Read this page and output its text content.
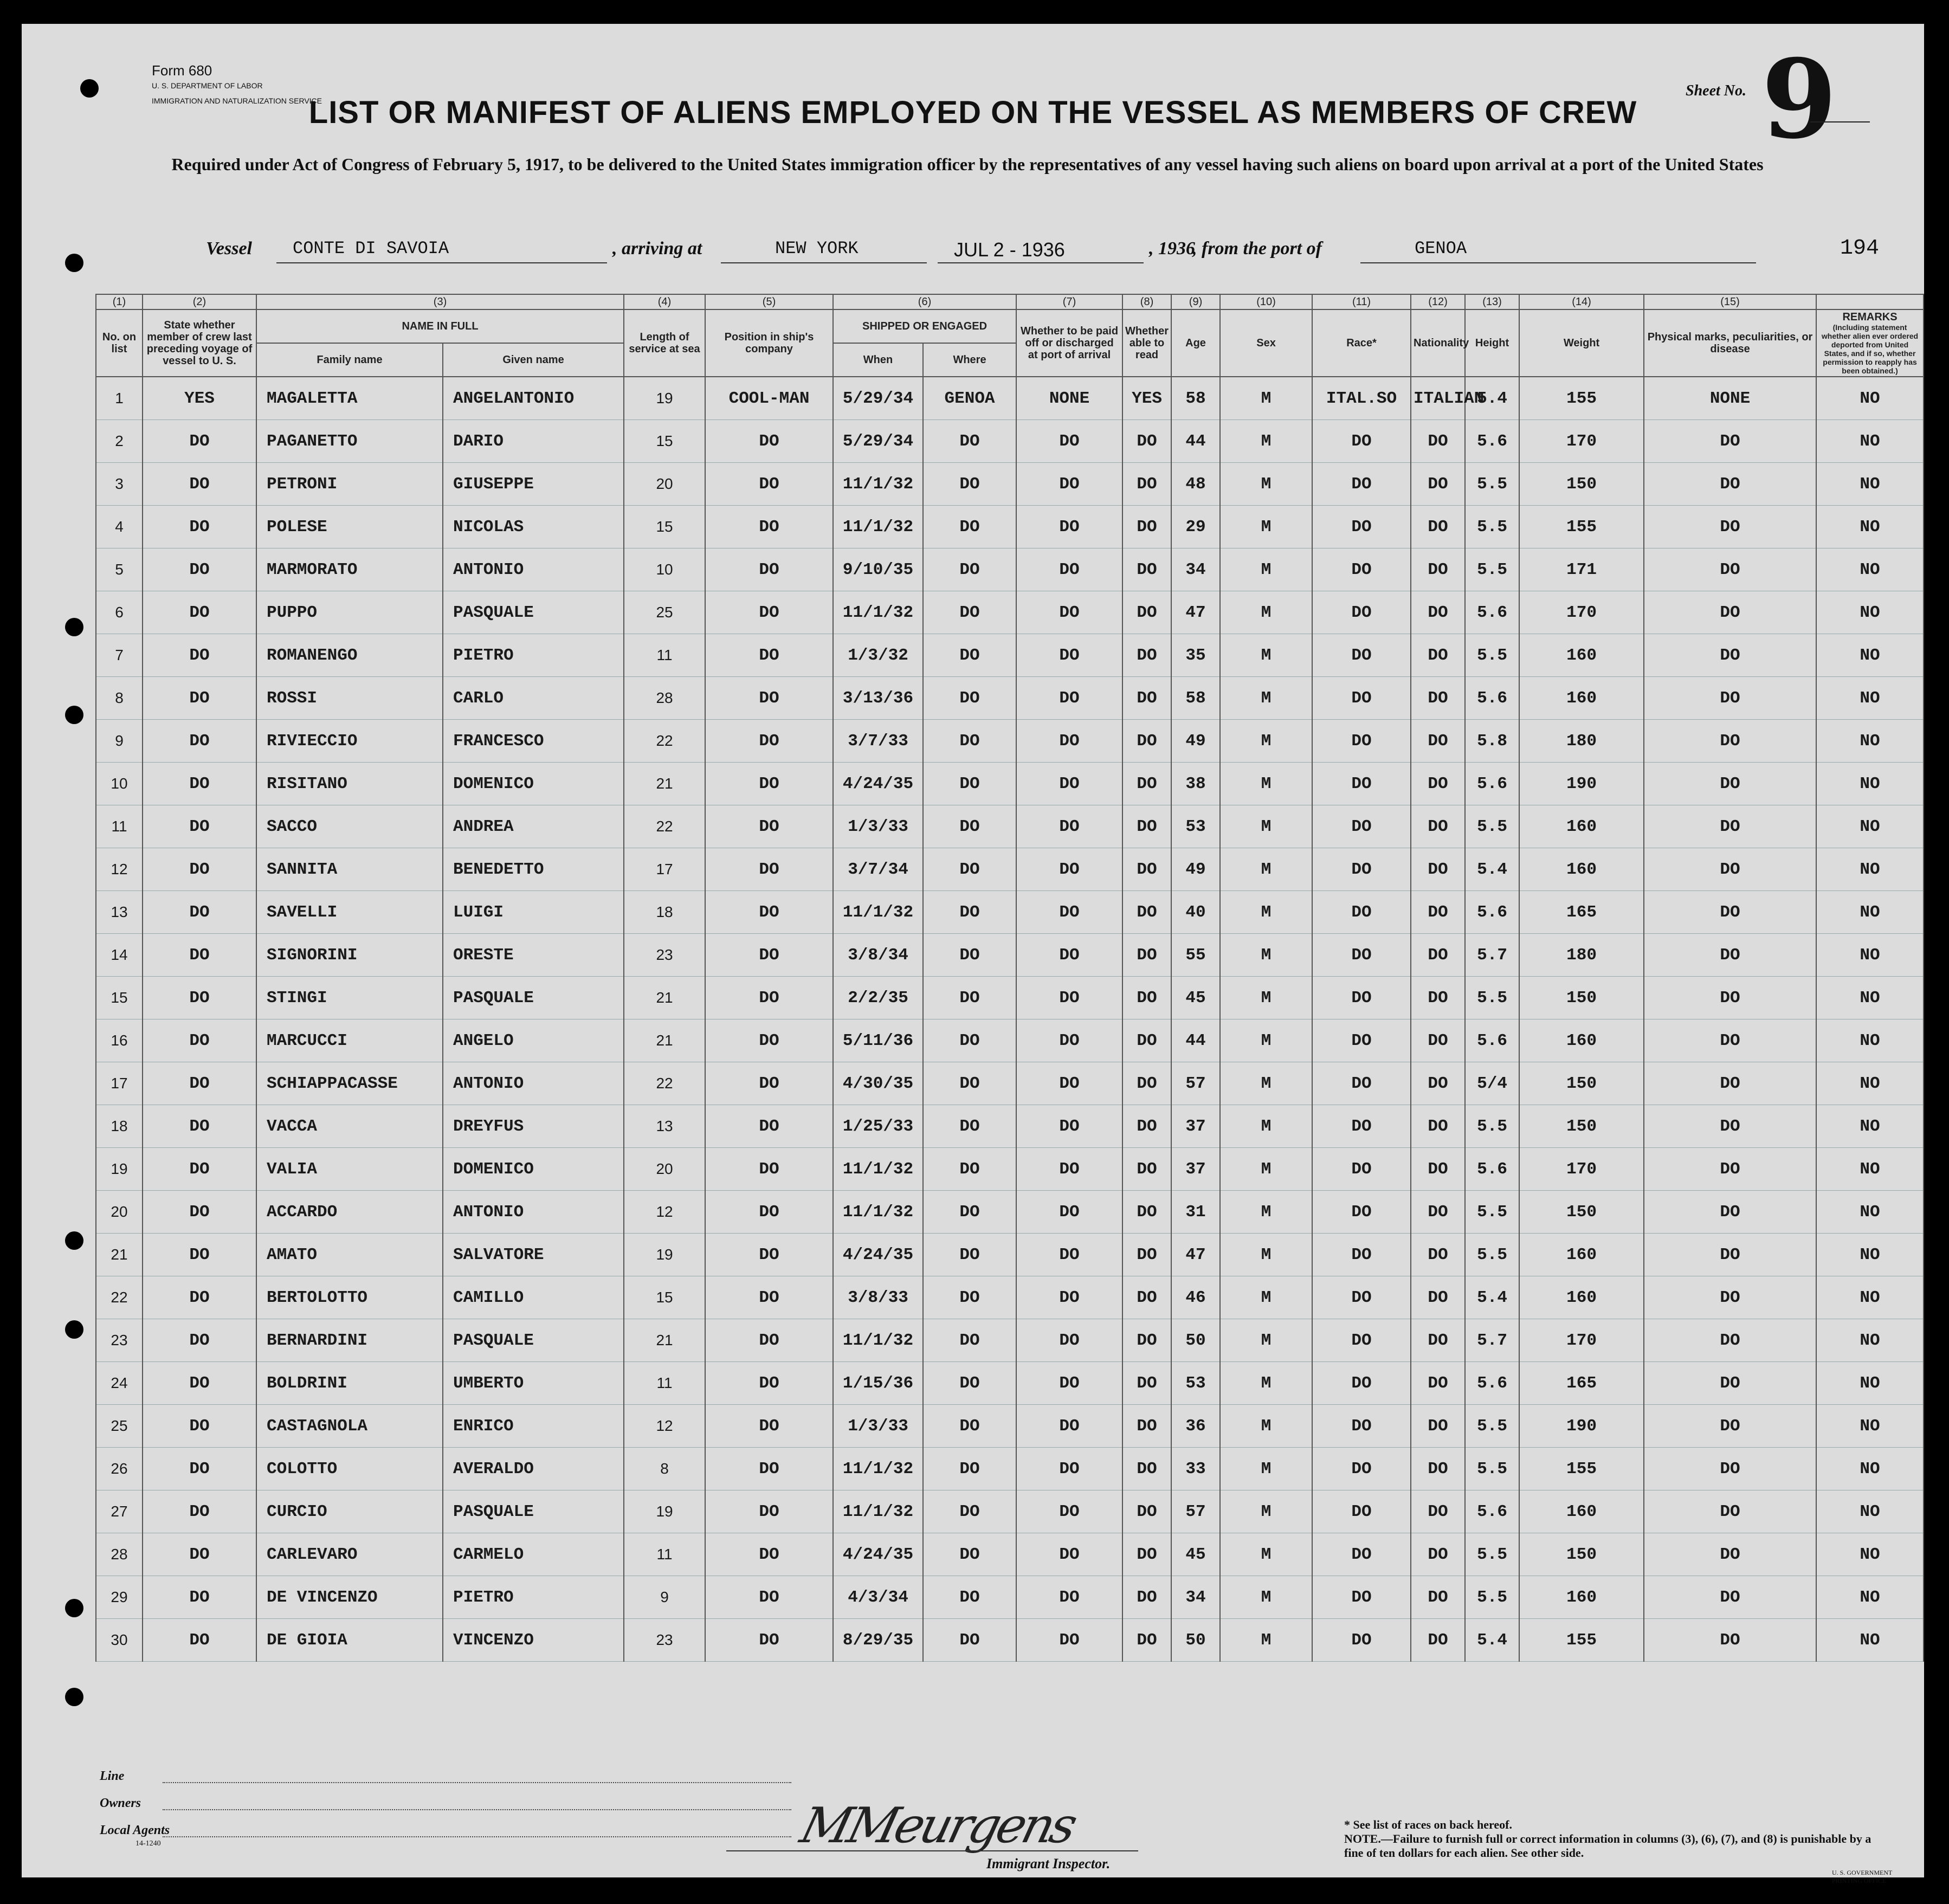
Form 680
U. S. DEPARTMENT OF LABOR
IMMIGRATION AND NATURALIZATION SERVICE
Sheet No. 9
LIST OR MANIFEST OF ALIENS EMPLOYED ON THE VESSEL AS MEMBERS OF CREW
Required under Act of Congress of February 5, 1917, to be delivered to the United States immigration officer by the representatives of any vessel having such aliens on board upon arrival at a port of the United States
Vessel CONTE DI SAVOIA	, arriving at	NEW YORK	JUL 2 - 1936	, 1936
, from the port of	GENOA	194
(1)	(2)	(3)		(4)	(5)	(6)		(7)	(8)	(9)	(10)	(11)	(12)	(13)	(14)	(15)	
No. on list	State whether member of crew last preceding voyage of vessel to U. S.	NAME IN FULL		Length of service at sea	Position in ship's company	SHIPPED OR ENGAGED		Whether to be paid off or discharged at port of arrival	Whether able to read	Age	Sex	Race*	Nationality	Height	Weight	Physical marks, peculiarities, or disease	REMARKS
(Including statement whether alien ever ordered deported from United States, and if so, whether permission to reapply has been obtained.)

		Family name	Given name			When	Where										
1	YES	MAGALETTA	ANGELANTONIO	19	COOL-MAN	5/29/34	GENOA	NONE	YES	58	M	ITAL.SO	ITALIAN	5.4	155	NONE	NO
2	DO	PAGANETTO	DARIO	15	DO	5/29/34	DO	DO	DO	44	M	DO	DO	5.6	170	DO	NO
3	DO	PETRONI	GIUSEPPE	20	DO	11/1/32	DO	DO	DO	48	M	DO	DO	5.5	150	DO	NO
4	DO	POLESE	NICOLAS	15	DO	11/1/32	DO	DO	DO	29	M	DO	DO	5.5	155	DO	NO
5	DO	MARMORATO	ANTONIO	10	DO	9/10/35	DO	DO	DO	34	M	DO	DO	5.5	171	DO	NO
6	DO	PUPPO	PASQUALE	25	DO	11/1/32	DO	DO	DO	47	M	DO	DO	5.6	170	DO	NO
7	DO	ROMANENGO	PIETRO	11	DO	1/3/32	DO	DO	DO	35	M	DO	DO	5.5	160	DO	NO
8	DO	ROSSI	CARLO	28	DO	3/13/36	DO	DO	DO	58	M	DO	DO	5.6	160	DO	NO
9	DO	RIVIECCIO	FRANCESCO	22	DO	3/7/33	DO	DO	DO	49	M	DO	DO	5.8	180	DO	NO
10	DO	RISITANO	DOMENICO	21	DO	4/24/35	DO	DO	DO	38	M	DO	DO	5.6	190	DO	NO
11	DO	SACCO	ANDREA	22	DO	1/3/33	DO	DO	DO	53	M	DO	DO	5.5	160	DO	NO
12	DO	SANNITA	BENEDETTO	17	DO	3/7/34	DO	DO	DO	49	M	DO	DO	5.4	160	DO	NO
13	DO	SAVELLI	LUIGI	18	DO	11/1/32	DO	DO	DO	40	M	DO	DO	5.6	165	DO	NO
14	DO	SIGNORINI	ORESTE	23	DO	3/8/34	DO	DO	DO	55	M	DO	DO	5.7	180	DO	NO
15	DO	STINGI	PASQUALE	21	DO	2/2/35	DO	DO	DO	45	M	DO	DO	5.5	150	DO	NO
16	DO	MARCUCCI	ANGELO	21	DO	5/11/36	DO	DO	DO	44	M	DO	DO	5.6	160	DO	NO
17	DO	SCHIAPPACASSE	ANTONIO	22	DO	4/30/35	DO	DO	DO	57	M	DO	DO	5/4	150	DO	NO
18	DO	VACCA	DREYFUS	13	DO	1/25/33	DO	DO	DO	37	M	DO	DO	5.5	150	DO	NO
19	DO	VALIA	DOMENICO	20	DO	11/1/32	DO	DO	DO	37	M	DO	DO	5.6	170	DO	NO
20	DO	ACCARDO	ANTONIO	12	DO	11/1/32	DO	DO	DO	31	M	DO	DO	5.5	150	DO	NO
21	DO	AMATO	SALVATORE	19	DO	4/24/35	DO	DO	DO	47	M	DO	DO	5.5	160	DO	NO
22	DO	BERTOLOTTO	CAMILLO	15	DO	3/8/33	DO	DO	DO	46	M	DO	DO	5.4	160	DO	NO
23	DO	BERNARDINI	PASQUALE	21	DO	11/1/32	DO	DO	DO	50	M	DO	DO	5.7	170	DO	NO
24	DO	BOLDRINI	UMBERTO	11	DO	1/15/36	DO	DO	DO	53	M	DO	DO	5.6	165	DO	NO
25	DO	CASTAGNOLA	ENRICO	12	DO	1/3/33	DO	DO	DO	36	M	DO	DO	5.5	190	DO	NO
26	DO	COLOTTO	AVERALDO	8	DO	11/1/32	DO	DO	DO	33	M	DO	DO	5.5	155	DO	NO
27	DO	CURCIO	PASQUALE	19	DO	11/1/32	DO	DO	DO	57	M	DO	DO	5.6	160	DO	NO
28	DO	CARLEVARO	CARMELO	11	DO	4/24/35	DO	DO	DO	45	M	DO	DO	5.5	150	DO	NO
29	DO	DE VINCENZO	PIETRO	9	DO	4/3/34	DO	DO	DO	34	M	DO	DO	5.5	160	DO	NO
30	DO	DE GIOIA	VINCENZO	23	DO	8/29/35	DO	DO	DO	50	M	DO	DO	5.4	155	DO	NO
Line
Owners
Local Agents
14-1240	MMeurgens
Immigrant Inspector.

* See list of races on back hereof.

NOTE.—Failure to furnish full or correct information in columns (3), (6), (7), and (8) is punishable by a fine of ten dollars for each alien. See other side.

U. S. GOVERNMENT PRINTING OFFICE
